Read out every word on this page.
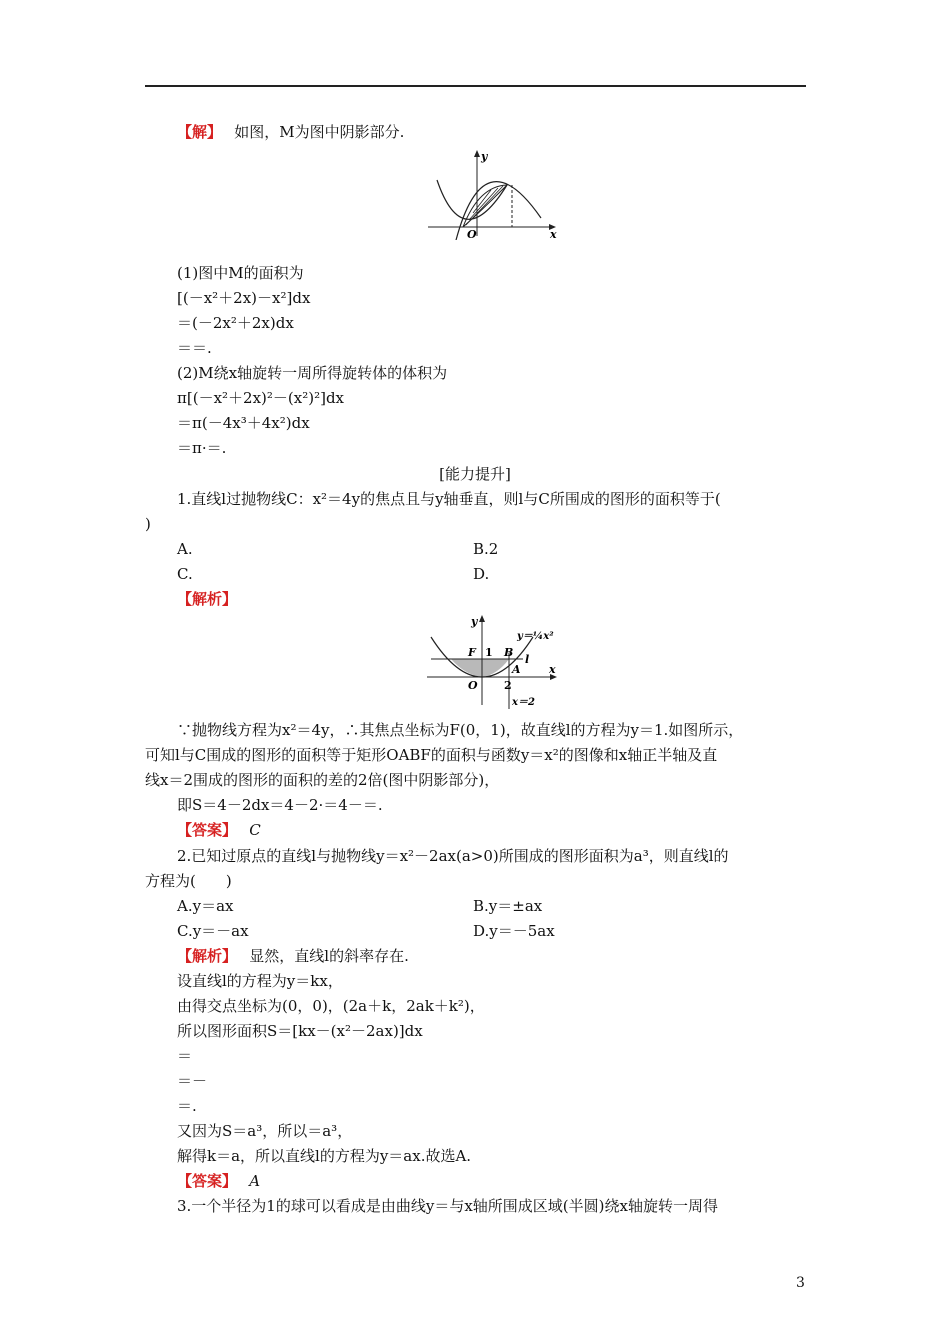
【解】　 如图，M为图中阴影部分.
y
x
O
(1)图中M的面积为
[(－x²＋2x)－x²]dx
＝(－2x²＋2x)dx
＝＝.
(2)M绕x轴旋转一周所得旋转体的体积为
π[(－x²＋2x)²－(x²)²]dx
＝π(－4x³＋4x²)dx
＝π·＝.
[能力提升]
1.直线l过抛物线C：x²＝4y的焦点且与y轴垂直，则l与C所围成的图形的面积等于(
)
A.	B.2
C.	D.
【解析】
y
x
O
F 1 B
A
2
l
y＝¼x²
x＝2
∵抛物线方程为x²＝4y，∴其焦点坐标为F(0，1)，故直线l的方程为y＝1.如图所示，
可知l与C围成的图形的面积等于矩形OABF的面积与函数y＝x²的图像和x轴正半轴及直
线x＝2围成的图形的面积的差的2倍(图中阴影部分)，
即S＝4－2dx＝4－2·＝4－＝.
【答案】　 C
2.已知过原点的直线l与抛物线y＝x²－2ax(a>0)所围成的图形面积为a³，则直线l的
方程为(　　)
A.y＝ax	B.y＝±ax
C.y＝－ax	D.y＝－5ax
【解析】　 显然，直线l的斜率存在.
设直线l的方程为y＝kx，
由得交点坐标为(0，0)，(2a＋k，2ak＋k²)，
所以图形面积S＝[kx－(x²－2ax)]dx
＝
＝－
＝.
又因为S＝a³，所以＝a³，
解得k＝a，所以直线l的方程为y＝ax.故选A.
【答案】　 A
3.一个半径为1的球可以看成是由曲线y＝与x轴所围成区域(半圆)绕x轴旋转一周得
3
